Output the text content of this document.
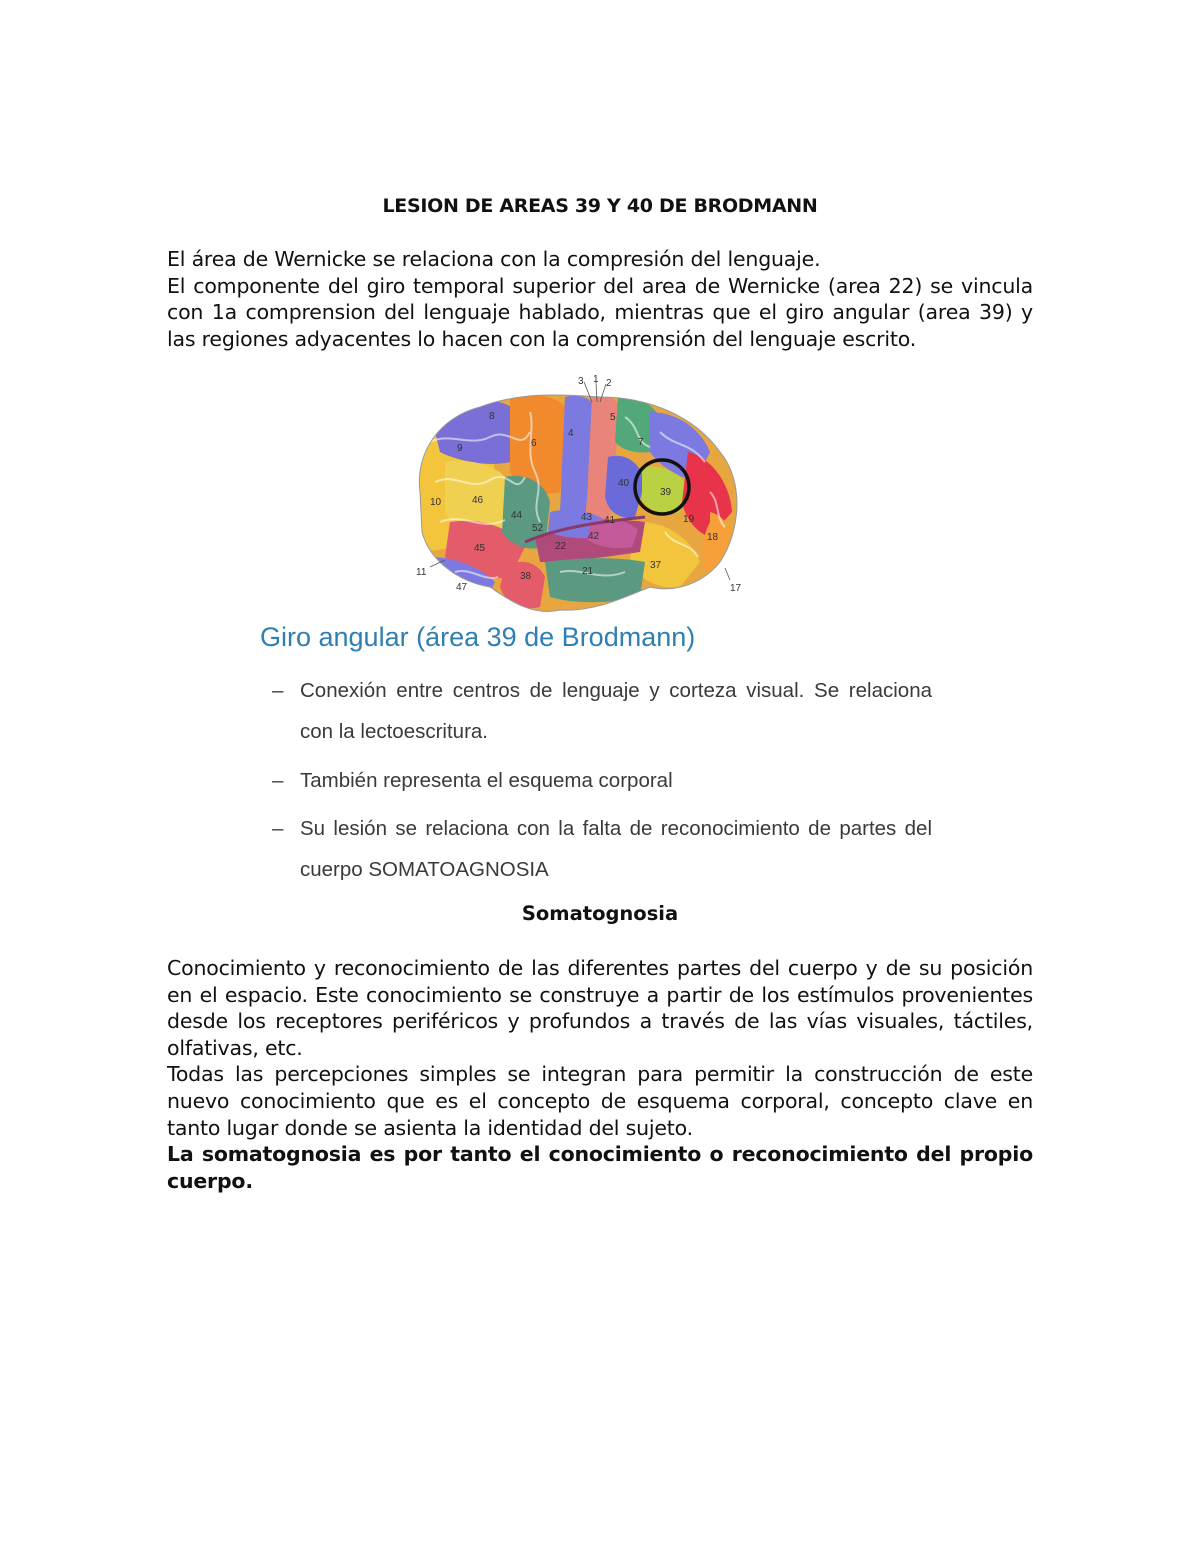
LESION DE AREAS 39 Y 40 DE BRODMANN
El área de Wernicke se relaciona con la compresión del lenguaje.
El componente del giro temporal superior del area de Wernicke (area 22) se vincula con 1a comprension del lenguaje hablado, mientras que el giro angular (area 39) y las regiones adyacentes lo hacen con la comprensión del lenguaje escrito.
3 1 2
5
4
6	7
8
9
10	46
44
52
43
40
39
42
41
22
45
38	21
37
19
18
11
47	17
Giro angular (área 39 de Brodmann)
– Conexión entre centros de lenguaje y corteza visual. Se relaciona con la lectoescritura.
– También representa el esquema corporal
– Su lesión se relaciona con la falta de reconocimiento de partes del cuerpo SOMATOAGNOSIA
Somatognosia
Conocimiento y reconocimiento de las diferentes partes del cuerpo y de su posición en el espacio. Este conocimiento se construye a partir de los estímulos provenientes desde los receptores periféricos y profundos a través de las vías visuales, táctiles, olfativas, etc.
Todas las percepciones simples se integran para permitir la construcción de este nuevo conocimiento que es el concepto de esquema corporal, concepto clave en tanto lugar donde se asienta la identidad del sujeto.
La somatognosia es por tanto el conocimiento o reconocimiento del propio cuerpo.
